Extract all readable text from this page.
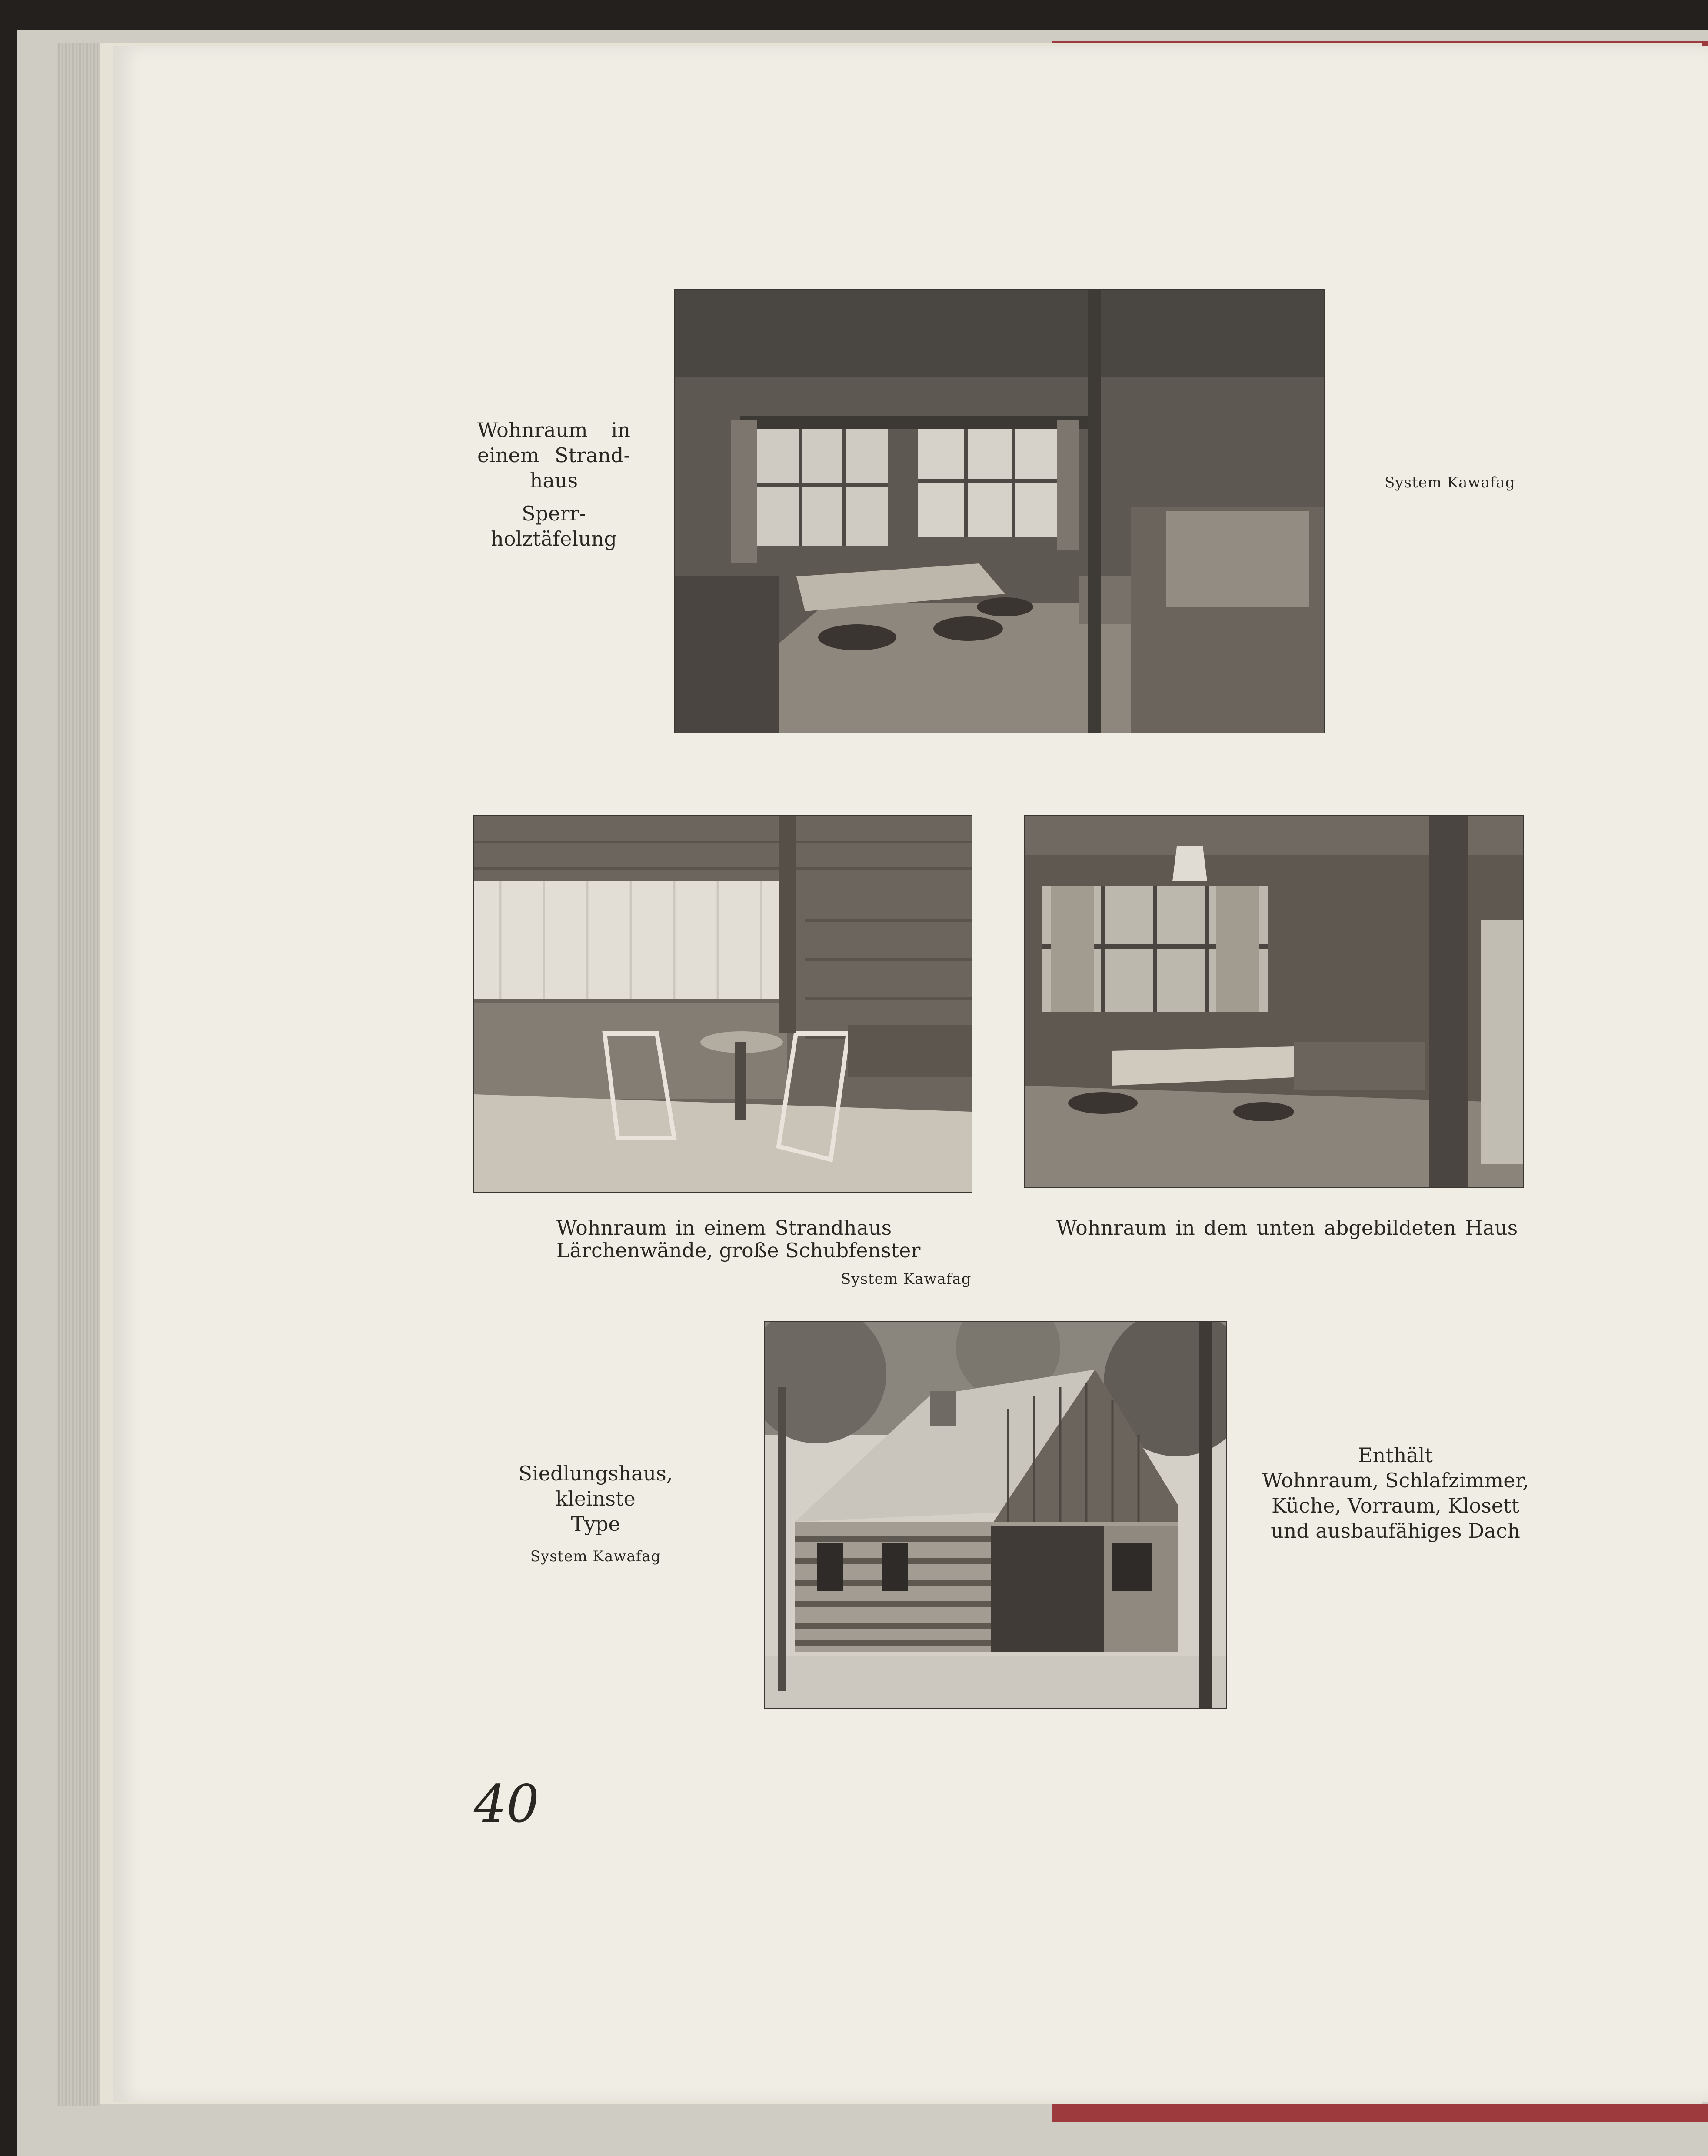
Wohnraum in
einem Strand-
haus
Sperr-
holztäfelung
System Kawafag
Wohnraum in einem Strandhaus
Lärchenwände, große Schubfenster
System Kawafag
Wohnraum in dem unten abgebildeten Haus
Siedlungshaus, kleinste
Type
System Kawafag
Enthält
Wohnraum, Schlafzimmer,
Küche, Vorraum, Klosett
und ausbaufähiges Dach
40
